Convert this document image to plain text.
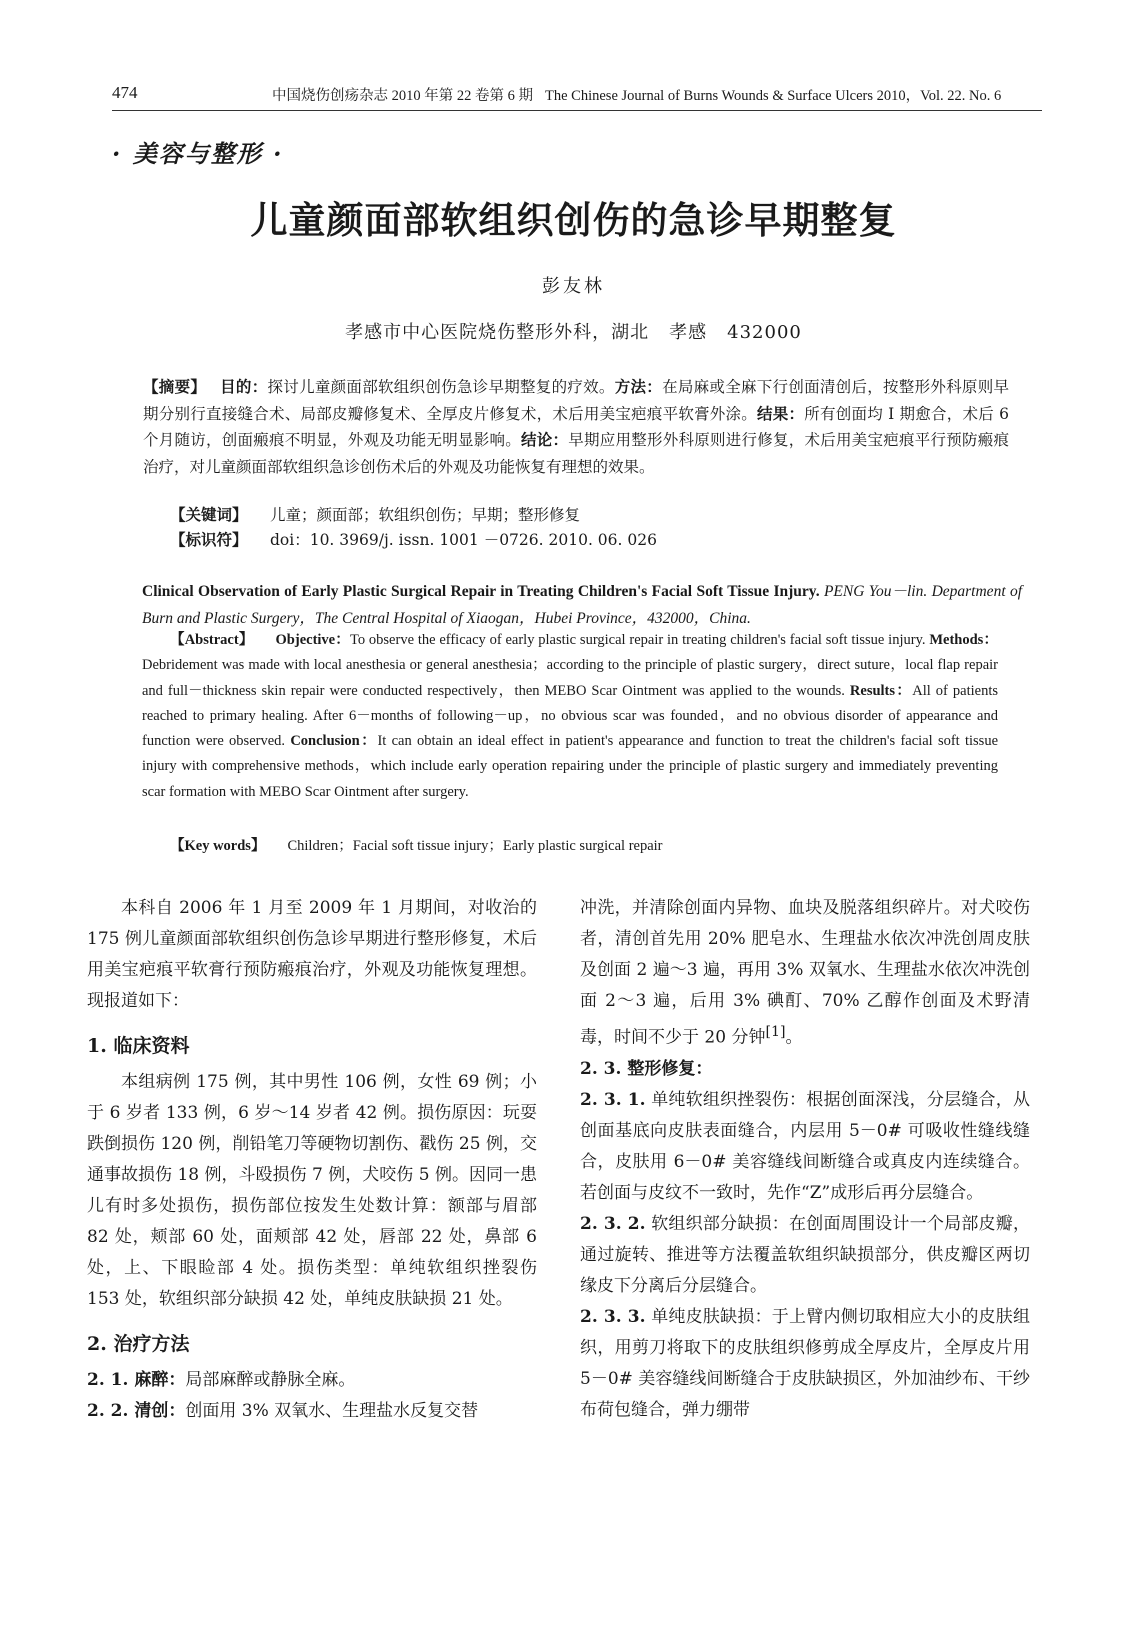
474	中国烧伤创疡杂志 2010 年第 22 卷第 6 期 The Chinese Journal of Burns Wounds & Surface Ulcers 2010，Vol. 22. No. 6
· 美容与整形 ·
儿童颜面部软组织创伤的急诊早期整复
彭友林
孝感市中心医院烧伤整形外科，湖北 孝感 432000
【摘要】 目的：探讨儿童颜面部软组织创伤急诊早期整复的疗效。方法：在局麻或全麻下行创面清创后，按整形外科原则早期分别行直接缝合术、局部皮瓣修复术、全厚皮片修复术，术后用美宝疤痕平软膏外涂。结果：所有创面均 I 期愈合，术后 6 个月随访，创面瘢痕不明显，外观及功能无明显影响。结论：早期应用整形外科原则进行修复，术后用美宝疤痕平行预防瘢痕治疗，对儿童颜面部软组织急诊创伤术后的外观及功能恢复有理想的效果。
【关键词】 儿童；颜面部；软组织创伤；早期；整形修复
【标识符】 doi：10. 3969/j. issn. 1001 －0726. 2010. 06. 026
Clinical Observation of Early Plastic Surgical Repair in Treating Children's Facial Soft Tissue Injury. PENG You－lin. Department of Burn and Plastic Surgery，The Central Hospital of Xiaogan，Hubei Province，432000，China.
【Abstract】 Objective：To observe the efficacy of early plastic surgical repair in treating children's facial soft tissue injury. Methods：Debridement was made with local anesthesia or general anesthesia；according to the principle of plastic surgery，direct suture，local flap repair and full－thickness skin repair were conducted respectively，then MEBO Scar Ointment was applied to the wounds. Results：All of patients reached to primary healing. After 6－months of following－up，no obvious scar was founded，and no obvious disorder of appearance and function were observed. Conclusion：It can obtain an ideal effect in patient's appearance and function to treat the children's facial soft tissue injury with comprehensive methods，which include early operation repairing under the principle of plastic surgery and immediately preventing scar formation with MEBO Scar Ointment after surgery.
【Key words】 Children；Facial soft tissue injury；Early plastic surgical repair

本科自 2006 年 1 月至 2009 年 1 月期间，对收治的 175 例儿童颜面部软组织创伤急诊早期进行整形修复，术后用美宝疤痕平软膏行预防瘢痕治疗，外观及功能恢复理想。现报道如下：

1. 临床资料

本组病例 175 例，其中男性 106 例，女性 69 例；小于 6 岁者 133 例，6 岁～14 岁者 42 例。损伤原因：玩耍跌倒损伤 120 例，削铅笔刀等硬物切割伤、戳伤 25 例，交通事故损伤 18 例，斗殴损伤 7 例，犬咬伤 5 例。因同一患儿有时多处损伤，损伤部位按发生处数计算：额部与眉部 82 处，颊部 60 处，面颊部 42 处，唇部 22 处，鼻部 6 处，上、下眼睑部 4 处。损伤类型：单纯软组织挫裂伤 153 处，软组织部分缺损 42 处，单纯皮肤缺损 21 处。

2. 治疗方法

2. 1. 麻醉：局部麻醉或静脉全麻。

2. 2. 清创：创面用 3% 双氧水、生理盐水反复交替

冲洗，并清除创面内异物、血块及脱落组织碎片。对犬咬伤者，清创首先用 20% 肥皂水、生理盐水依次冲洗创周皮肤及创面 2 遍～3 遍，再用 3% 双氧水、生理盐水依次冲洗创面 2～3 遍，后用 3% 碘酊、70% 乙醇作创面及术野清毒，时间不少于 20 分钟[1]。

2. 3. 整形修复：

2. 3. 1. 单纯软组织挫裂伤：根据创面深浅，分层缝合，从创面基底向皮肤表面缝合，内层用 5－0# 可吸收性缝线缝合，皮肤用 6－0# 美容缝线间断缝合或真皮内连续缝合。若创面与皮纹不一致时，先作“Z”成形后再分层缝合。

2. 3. 2. 软组织部分缺损：在创面周围设计一个局部皮瓣，通过旋转、推进等方法覆盖软组织缺损部分，供皮瓣区两切缘皮下分离后分层缝合。

2. 3. 3. 单纯皮肤缺损：于上臂内侧切取相应大小的皮肤组织，用剪刀将取下的皮肤组织修剪成全厚皮片，全厚皮片用 5－0# 美容缝线间断缝合于皮肤缺损区，外加油纱布、干纱布荷包缝合，弹力绷带
